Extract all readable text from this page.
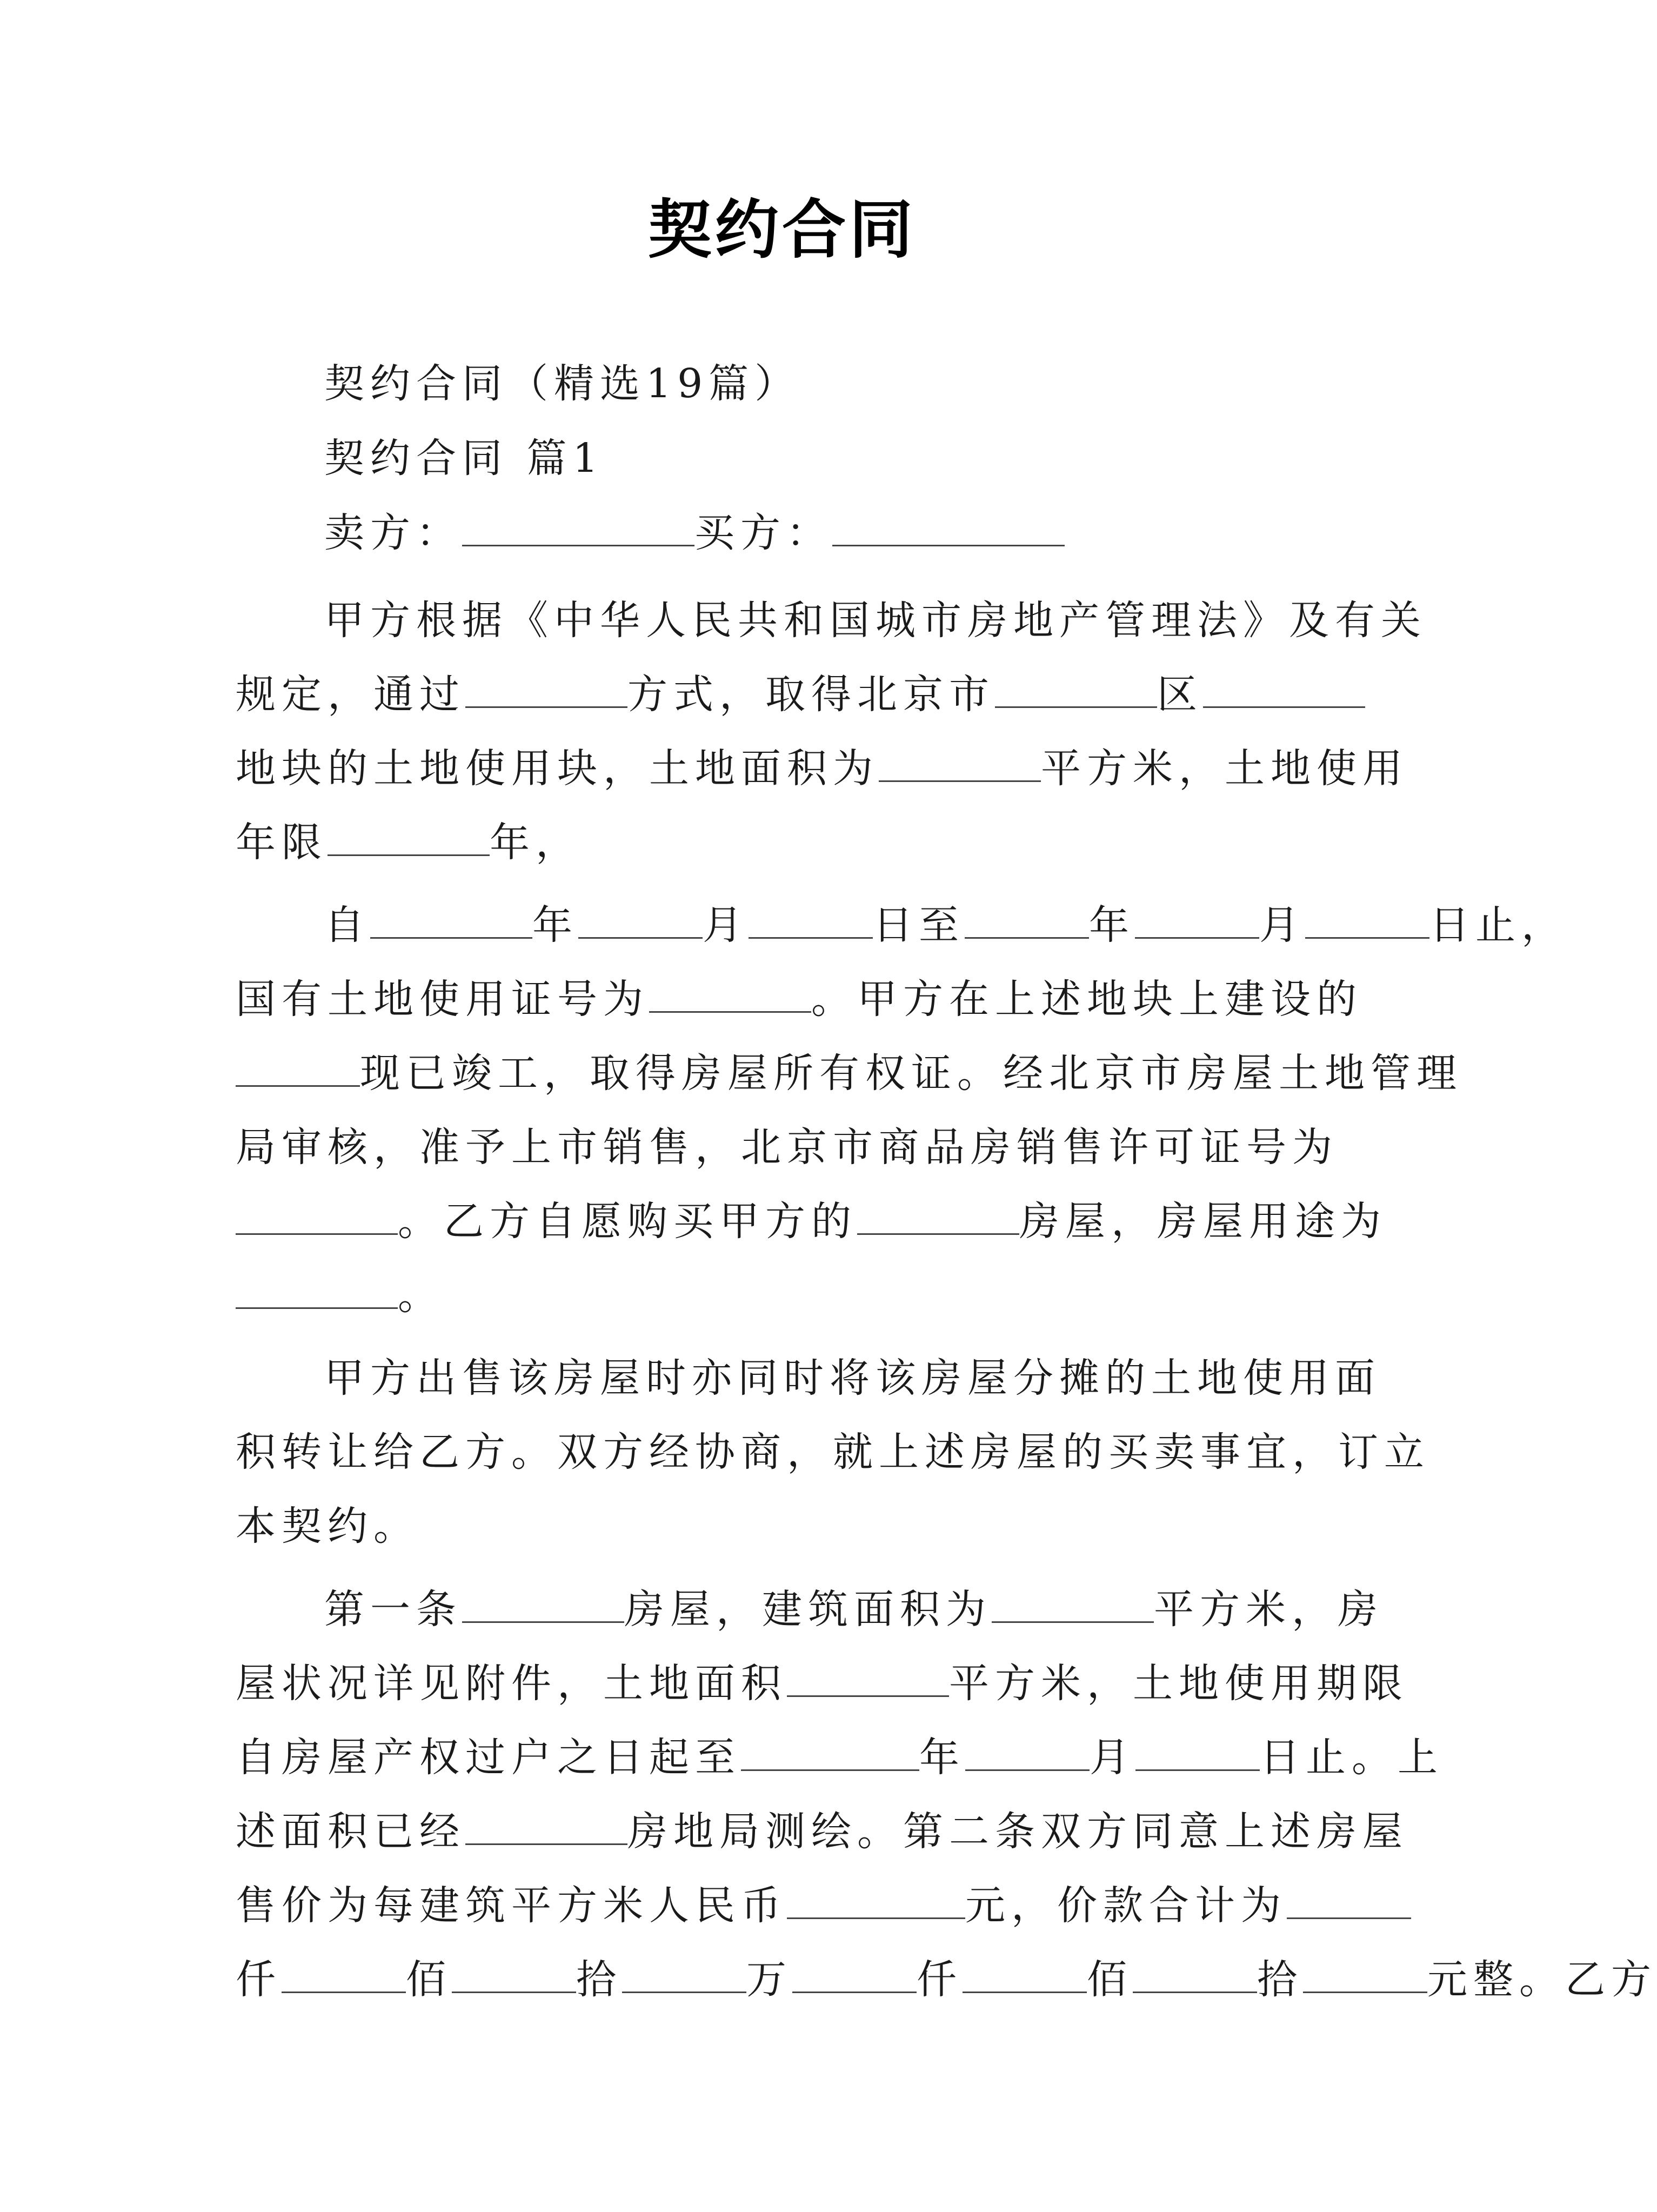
契约合同
契约合同（精选19篇）
契约合同 篇1
卖方：	买方：
甲方根据《中华人民共和国城市房地产管理法》及有关
规定，通过	方式，取得北京市	区
地块的土地使用块，土地面积为	平方米，土地使用
年限	年，
自	年	月	日至	年	月	日止，
国有土地使用证号为	。甲方在上述地块上建设的
现已竣工，取得房屋所有权证。经北京市房屋土地管理
局审核，准予上市销售，北京市商品房销售许可证号为
。乙方自愿购买甲方的	房屋，房屋用途为
。
甲方出售该房屋时亦同时将该房屋分摊的土地使用面
积转让给乙方。双方经协商，就上述房屋的买卖事宜，订立
本契约。
第一条	房屋，建筑面积为	平方米，房
屋状况详见附件，土地面积	平方米，土地使用期限
自房屋产权过户之日起至	年	月	日止。上
述面积已经	房地局测绘。第二条双方同意上述房屋
售价为每建筑平方米人民币	元，价款合计为
仟	佰	拾	万	仟	佰	拾	元整。乙方
